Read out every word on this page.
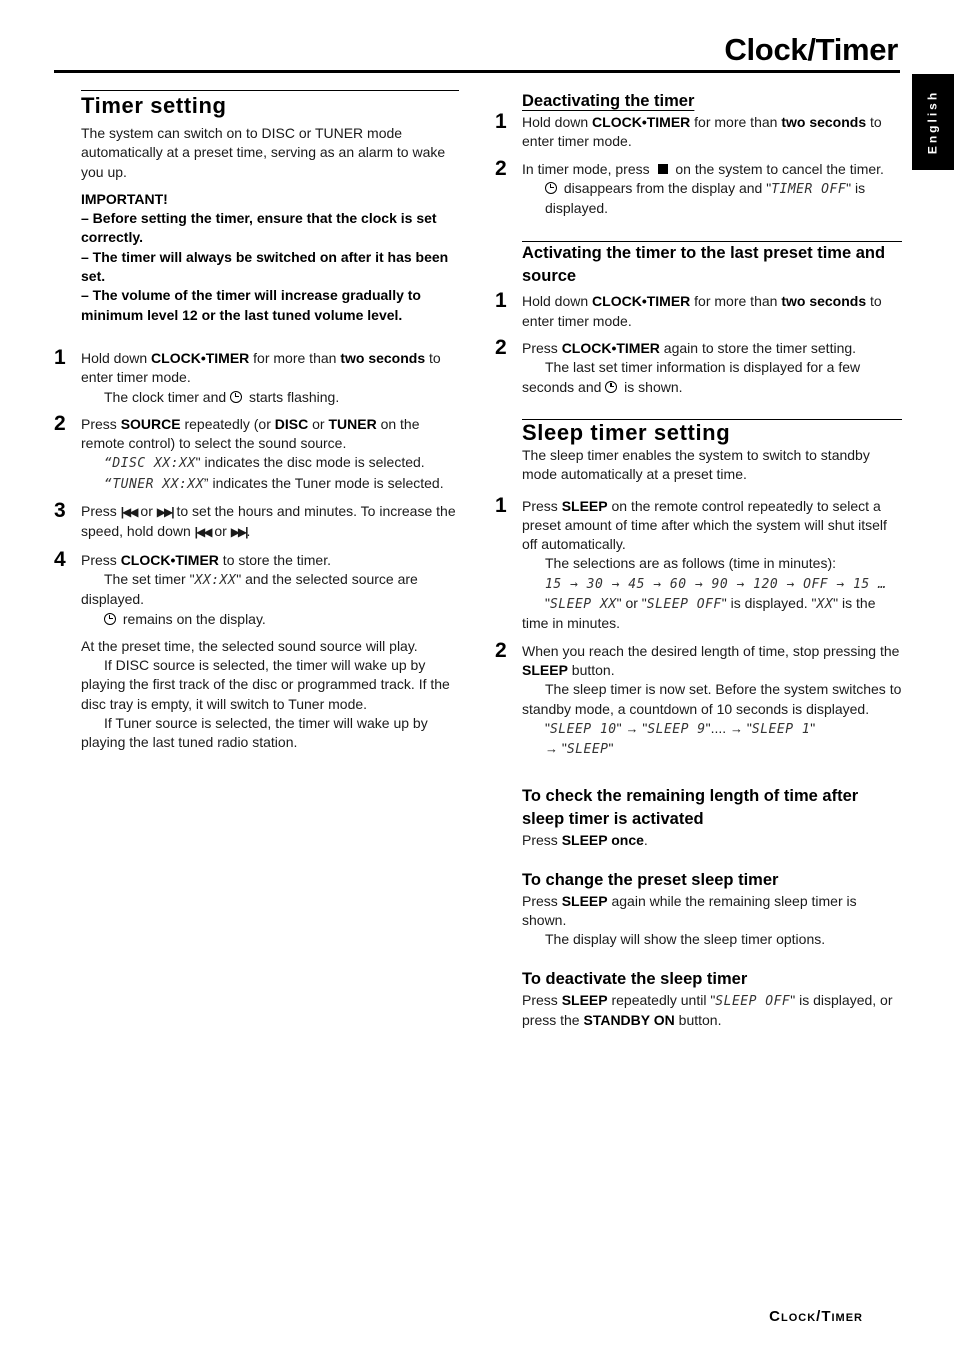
Clock/Timer
English
Timer setting

The system can switch on to DISC or TUNER mode automatically at a preset time, serving as an alarm to wake you up.

IMPORTANT!

– Before setting the timer, ensure that the clock is set correctly.

– The timer will always be switched on after it has been set.

– The volume of the timer will increase gradually to minimum level 12 or the last tuned volume level.

1 Hold down CLOCK•TIMER for more than two seconds to enter timer mode.

The clock timer and  starts flashing.

2 Press SOURCE repeatedly (or DISC or TUNER on the remote control) to select the sound source.

“DISC XX:XX" indicates the disc mode is selected.

“TUNER XX:XX” indicates the Tuner mode is selected.

3 Press |◀◀ or ▶▶| to set the hours and minutes. To increase the speed, hold down |◀◀ or ▶▶|.

4 Press CLOCK•TIMER to store the timer.

The set timer "XX:XX" and the selected source are displayed.

remains on the display.

At the preset time, the selected sound source will play.

If DISC source is selected, the timer will wake up by playing the first track of the disc or programmed track. If the disc tray is empty, it will switch to Tuner mode.

If Tuner source is selected, the timer will wake up by playing the last tuned radio station.

Deactivating the timer
1 Hold down CLOCK•TIMER for more than two seconds to enter timer mode.

2 In timer mode, press  on the system to cancel the timer.

disappears from the display and "TIMER OFF" is displayed.

Activating the timer to the last preset time and source
1 Hold down CLOCK•TIMER for more than two seconds to enter timer mode.

2 Press CLOCK•TIMER again to store the timer setting.

The last set timer information is displayed for a few seconds and  is shown.

Sleep timer setting

The sleep timer enables the system to switch to standby mode automatically at a preset time.

1 Press SLEEP on the remote control repeatedly to select a preset amount of time after which the system will shut itself off automatically.

The selections are as follows (time in minutes):

15 → 30 → 45 → 60 → 90 → 120 → OFF → 15 …

"SLEEP XX" or "SLEEP OFF" is displayed. "XX" is the time in minutes.

2 When you reach the desired length of time, stop pressing the SLEEP button.

The sleep timer is now set. Before the system switches to standby mode, a countdown of 10 seconds is displayed.

"SLEEP 10" → "SLEEP 9".... → "SLEEP 1"
→ "SLEEP"

To check the remaining length of time after sleep timer is activated

Press SLEEP once.

To change the preset sleep timer

Press SLEEP again while the remaining sleep timer is shown.

The display will show the sleep timer options.

To deactivate the sleep timer

Press SLEEP repeatedly until "SLEEP OFF" is displayed, or press the STANDBY ON button.

Clock/Timer
